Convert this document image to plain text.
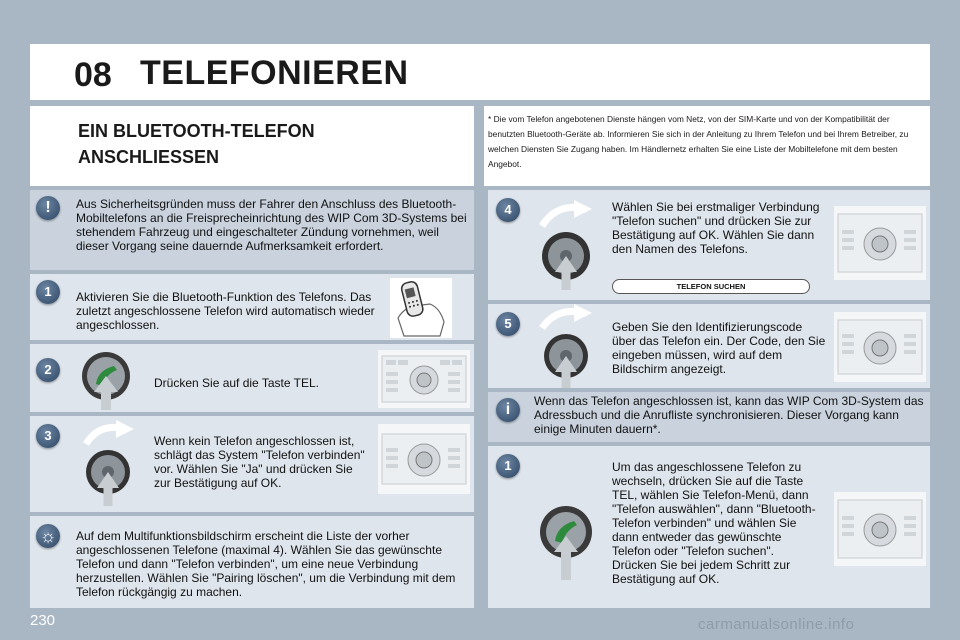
08 TELEFONIEREN
EIN BLUETOOTH-TELEFON
ANSCHLIESSEN
* Die vom Telefon angebotenen Dienste hängen vom Netz, von der SIM-Karte und von der Kompatibilität der benutzten Bluetooth-Geräte ab. Informieren Sie sich in der Anleitung zu Ihrem Telefon und bei Ihrem Betreiber, zu welchen Diensten Sie Zugang haben. Im Händlernetz erhalten Sie eine Liste der Mobiltelefone mit dem besten Angebot.
!	Aus Sicherheitsgründen muss der Fahrer den Anschluss des Bluetooth-Mobiltelefons an die Freisprecheinrichtung des WIP Com 3D-Systems bei stehendem Fahrzeug und eingeschalteter Zündung vornehmen, weil dieser Vorgang seine dauernde Aufmerksamkeit erfordert.
1	Aktivieren Sie die Bluetooth-Funktion des Telefons. Das zuletzt angeschlossene Telefon wird automatisch wieder angeschlossen.
2
Drücken Sie auf die Taste TEL.
3	Wenn kein Telefon angeschlossen ist, schlägt das System "Telefon verbinden" vor. Wählen Sie "Ja" und drücken Sie zur Bestätigung auf OK.
☼	Auf dem Multifunktionsbildschirm erscheint die Liste der vorher angeschlossenen Telefone (maximal 4). Wählen Sie das gewünschte Telefon und dann "Telefon verbinden", um eine neue Verbindung herzustellen. Wählen Sie "Pairing löschen", um die Verbindung mit dem Telefon rückgängig zu machen.
4	Wählen Sie bei erstmaliger Verbindung "Telefon suchen" und drücken Sie zur Bestätigung auf OK. Wählen Sie dann den Namen des Telefons.
TELEFON SUCHEN
5	Geben Sie den Identifizierungscode über das Telefon ein. Der Code, den Sie eingeben müssen, wird auf dem Bildschirm angezeigt.
i	Wenn das Telefon angeschlossen ist, kann das WIP Com 3D-System das Adressbuch und die Anrufliste synchronisieren. Dieser Vorgang kann einige Minuten dauern*.
1	Um das angeschlossene Telefon zu wechseln, drücken Sie auf die Taste TEL, wählen Sie Telefon-Menü, dann "Telefon auswählen", dann "Bluetooth-Telefon verbinden" und wählen Sie dann entweder das gewünschte Telefon oder "Telefon suchen". Drücken Sie bei jedem Schritt zur Bestätigung auf OK.
230	carmanualsonline.info
